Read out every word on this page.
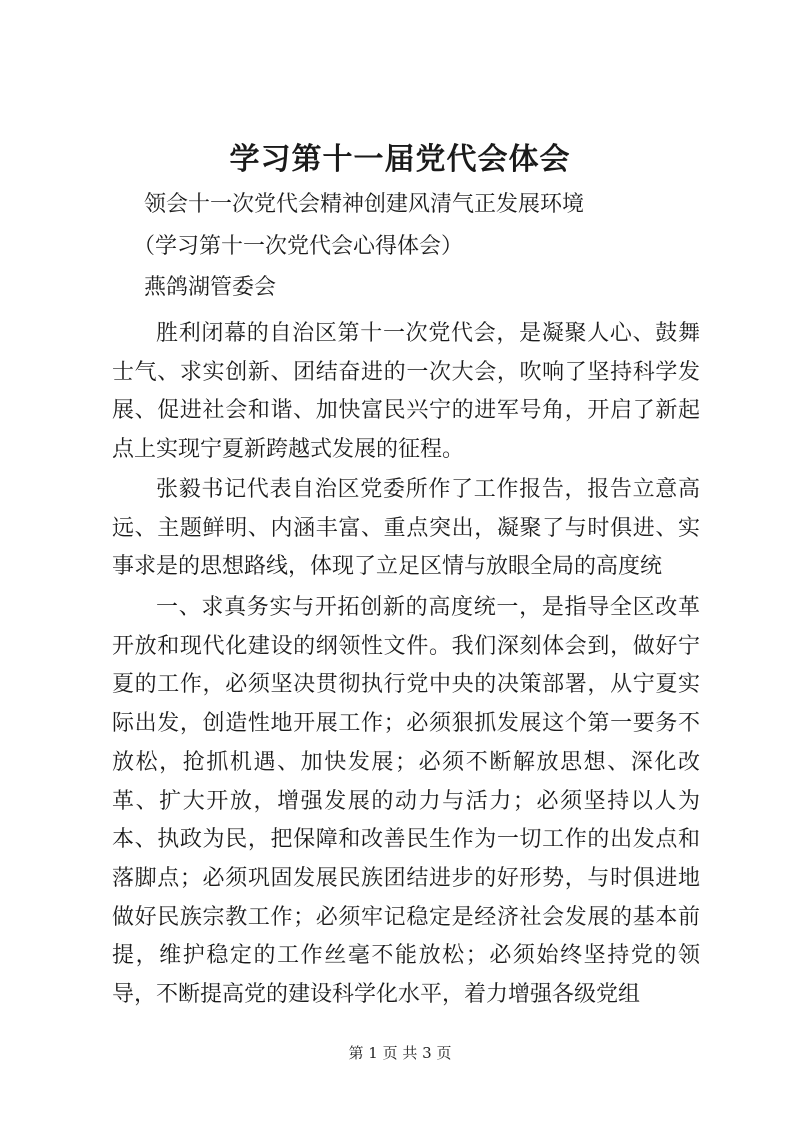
学习第十一届党代会体会
领会十一次党代会精神创建风清气正发展环境
（学习第十一次党代会心得体会）
燕鸽湖管委会

胜利闭幕的自治区第十一次党代会，是凝聚人心、鼓舞士气、求实创新、团结奋进的一次大会，吹响了坚持科学发展、促进社会和谐、加快富民兴宁的进军号角，开启了新起点上实现宁夏新跨越式发展的征程。

张毅书记代表自治区党委所作了工作报告，报告立意高远、主题鲜明、内涵丰富、重点突出，凝聚了与时俱进、实事求是的思想路线，体现了立足区情与放眼全局的高度统

一、求真务实与开拓创新的高度统一，是指导全区改革开放和现代化建设的纲领性文件。我们深刻体会到，做好宁夏的工作，必须坚决贯彻执行党中央的决策部署，从宁夏实际出发，创造性地开展工作；必须狠抓发展这个第一要务不放松，抢抓机遇、加快发展；必须不断解放思想、深化改革、扩大开放，增强发展的动力与活力；必须坚持以人为本、执政为民，把保障和改善民生作为一切工作的出发点和落脚点；必须巩固发展民族团结进步的好形势，与时俱进地做好民族宗教工作；必须牢记稳定是经济社会发展的基本前提，维护稳定的工作丝毫不能放松；必须始终坚持党的领导，不断提高党的建设科学化水平，着力增强各级党组

第 1 页 共 3 页
